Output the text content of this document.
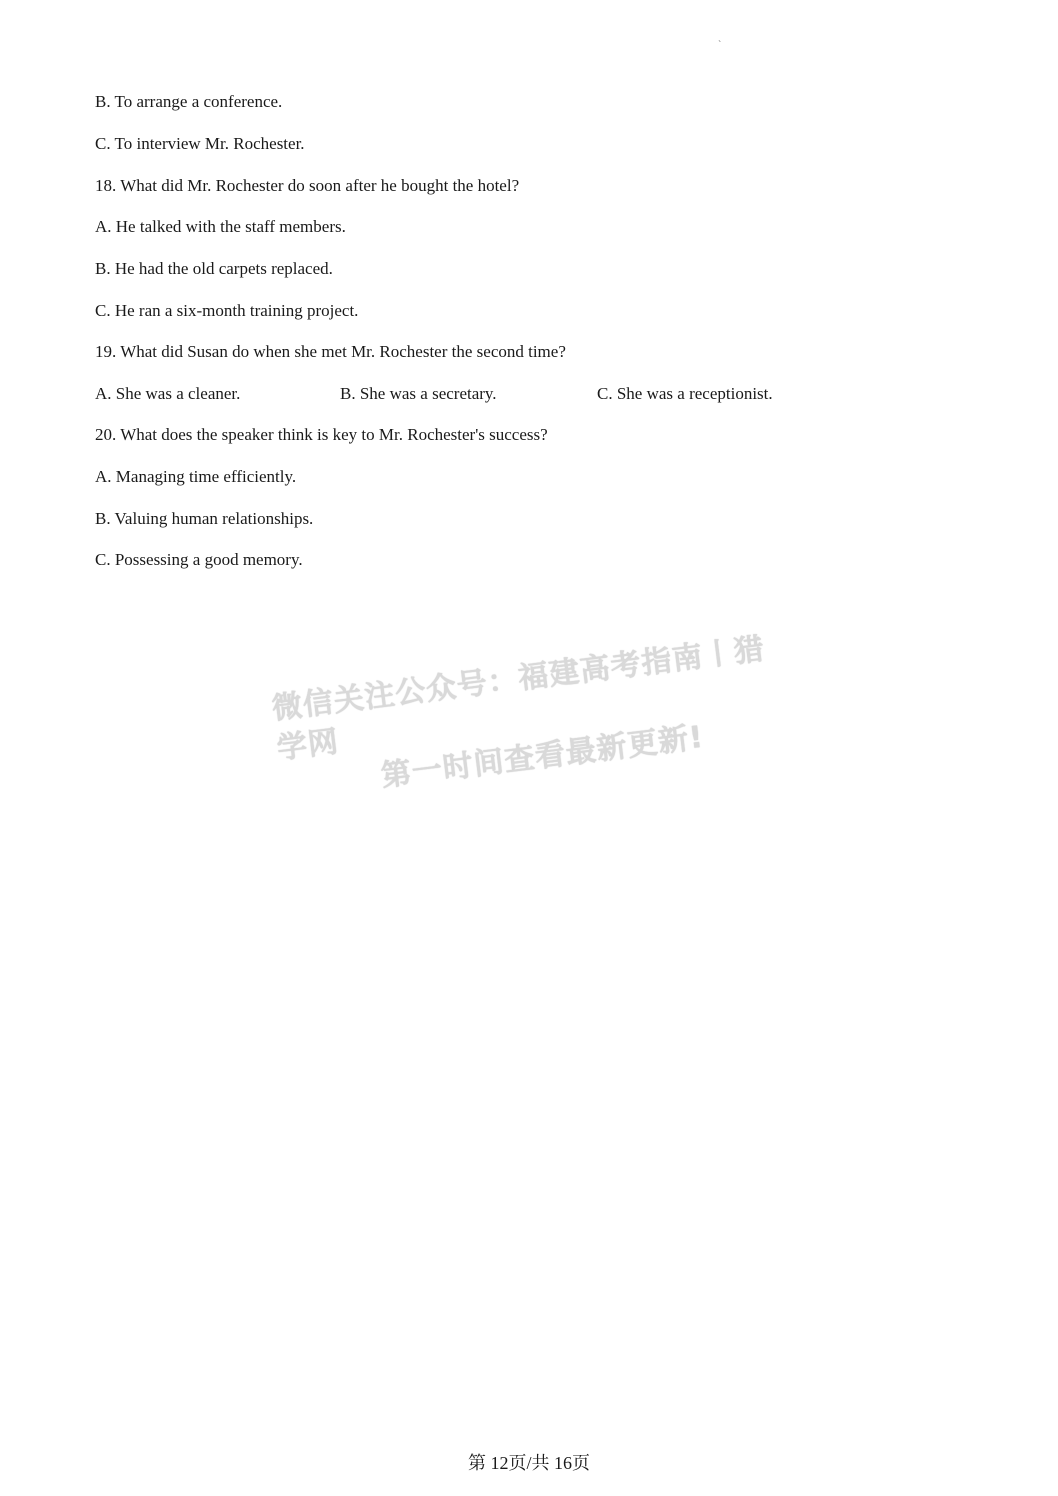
`
B. To arrange a conference.
C. To interview Mr. Rochester.
18. What did Mr. Rochester do soon after he bought the hotel?
A. He talked with the staff members.
B. He had the old carpets replaced.
C. He ran a six-month training project.
19. What did Susan do when she met Mr. Rochester the second time?
A. She was a cleaner.	B. She was a secretary.	C. She was a receptionist.
20. What does the speaker think is key to Mr. Rochester's success?
A. Managing time efficiently.
B. Valuing human relationships.
C. Possessing a good memory.
微信关注公众号：福建高考指南丨猎学网 第一时间查看最新更新!
第 12页/共 16页
